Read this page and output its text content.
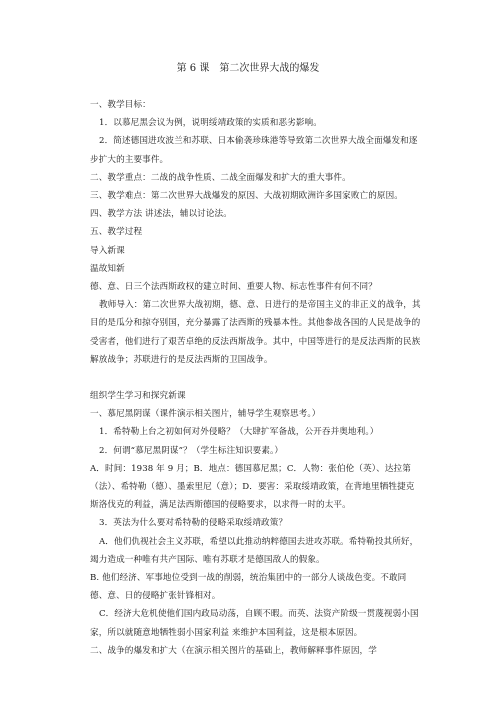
第 6 课　第二次世界大战的爆发

一、教学目标：

1．以慕尼黑会议为例，说明绥靖政策的实质和恶劣影响。

2．简述德国进攻波兰和苏联、日本偷袭珍珠港等导致第二次世界大战全面爆发和逐步扩大的主要事件。

二、教学重点：二战的战争性质、二战全面爆发和扩大的重大事件。

三、教学难点：第二次世界大战爆发的原因、大战初期欧洲许多国家败亡的原因。

四、教学方法 讲述法，辅以讨论法。

五、教学过程

导入新课

温故知新

德、意、日三个法西斯政权的建立时间、重要人物、标志性事件有何不同？

教师导入：第二次世界大战初期，德、意、日进行的是帝国主义的非正义的战争，其目的是瓜分和掠夺别国，充分暴露了法西斯的残暴本性。其他参战各国的人民是战争的受害者，他们进行了艰苦卓绝的反法西斯战争。其中，中国等进行的是反法西斯的民族解放战争；苏联进行的是反法西斯的卫国战争。

组织学生学习和探究新课

一、慕尼黑阴谋（课件演示相关图片，辅导学生观察思考。）

1．希特勒上台之初如何对外侵略？（大肆扩军备战，公开吞并奥地利。）

2．何谓“慕尼黑阴谋”？（学生标注知识要素。）

A．时间：1938 年 9 月；B．地点：德国慕尼黑；C．人物：张伯伦（英）、达拉第（法）、希特勒（德）、墨索里尼（意）；D．要害：采取绥靖政策，在背地里牺牲捷克斯洛伐克的利益，满足法西斯德国的侵略要求，以求得一时的太平。

3．英法为什么要对希特勒的侵略采取绥靖政策？

A．他们仇视社会主义苏联，希望以此推动纳粹德国去进攻苏联。希特勒投其所好，竭力造成一种唯有共产国际、唯有苏联才是德国敌人的假象。

B. 他们经济、军事地位受到一战的削弱，统治集团中的一部分人谈战色变。不敢同德、意、日的侵略扩张针锋相对。

C．经济大危机使他们国内政局动荡，自顾不暇。而英、法资产阶级一贯蔑视弱小国家，所以就随意地牺牲弱小国家利益 来维护本国利益，这是根本原因。

二、战争的爆发和扩大（在演示相关图片的基础上，教师解释事件原因，学
